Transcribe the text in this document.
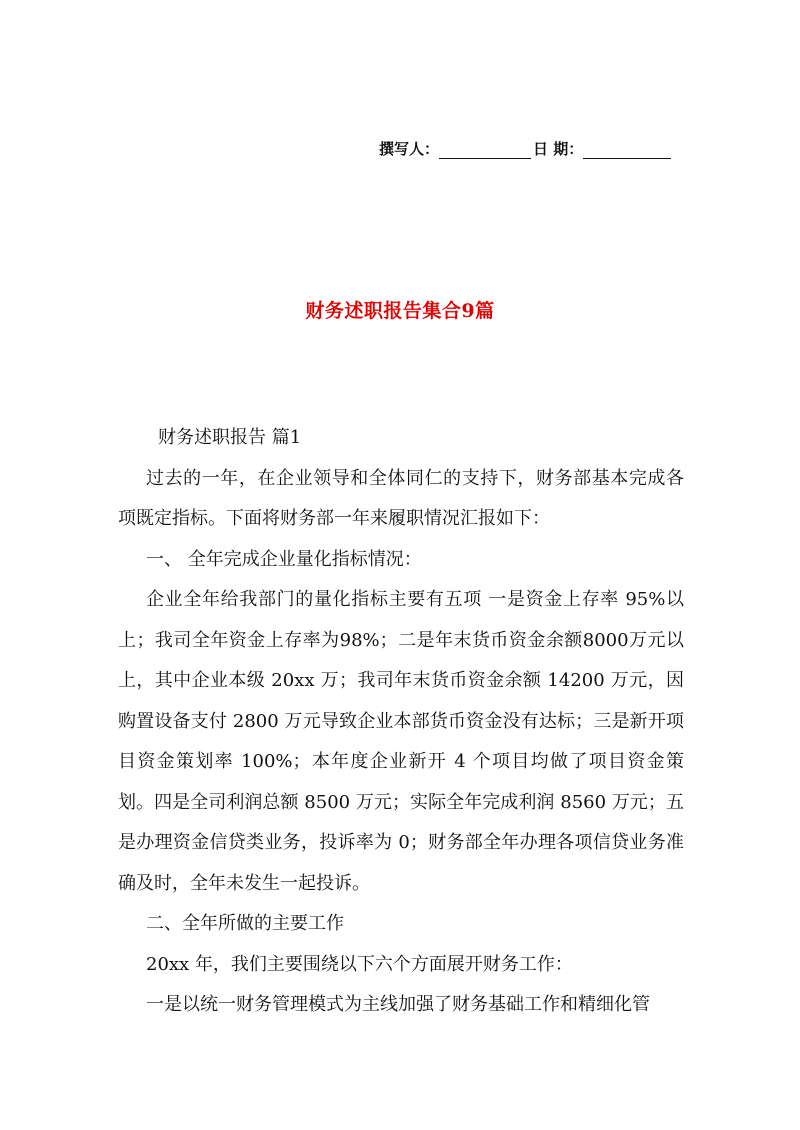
撰写人：	日 期：
财务述职报告集合9篇

财务述职报告 篇1

过去的一年，在企业领导和全体同仁的支持下，财务部基本完成各项既定指标。下面将财务部一年来履职情况汇报如下：

一、 全年完成企业量化指标情况：

企业全年给我部门的量化指标主要有五项 一是资金上存率 95%以上；我司全年资金上存率为98%；二是年末货币资金余额8000万元以上，其中企业本级 20xx 万；我司年末货币资金余额 14200 万元，因购置设备支付 2800 万元导致企业本部货币资金没有达标；三是新开项目资金策划率 100%；本年度企业新开 4 个项目均做了项目资金策划。四是全司利润总额 8500 万元；实际全年完成利润 8560 万元；五是办理资金信贷类业务，投诉率为 0；财务部全年办理各项信贷业务准确及时，全年未发生一起投诉。

二、全年所做的主要工作

20xx 年，我们主要围绕以下六个方面展开财务工作：

一是以统一财务管理模式为主线加强了财务基础工作和精细化管
